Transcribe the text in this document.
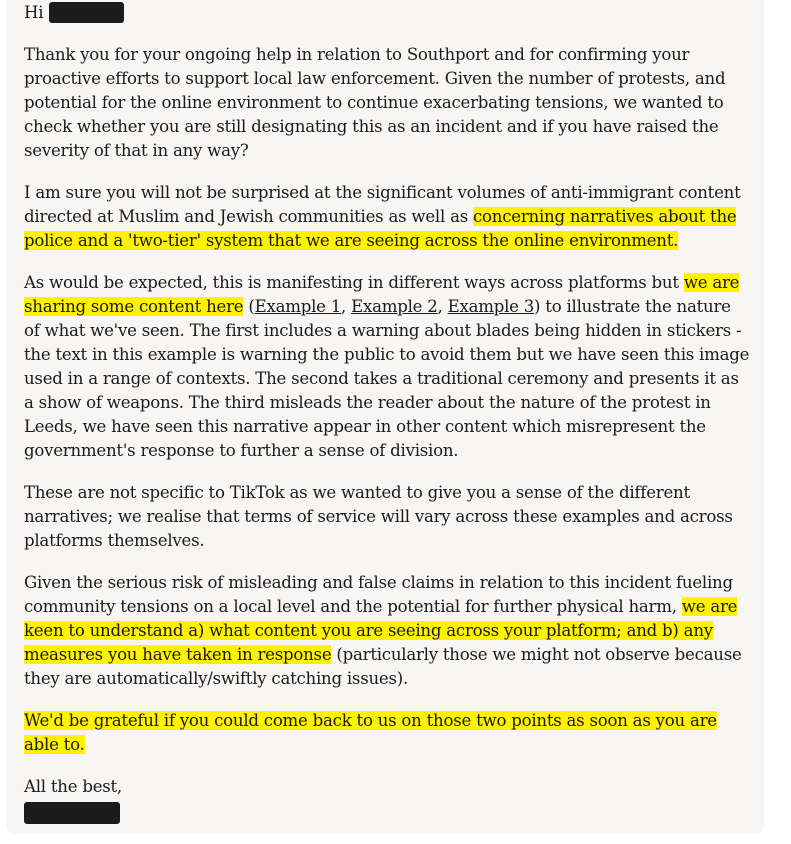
Hi

Thank you for your ongoing help in relation to Southport and for confirming your proactive efforts to support local law enforcement. Given the number of protests, and potential for the online environment to continue exacerbating tensions, we wanted to check whether you are still designating this as an incident and if you have raised the severity of that in any way?

I am sure you will not be surprised at the significant volumes of anti-immigrant content directed at Muslim and Jewish communities as well as concerning narratives about the police and a 'two-tier' system that we are seeing across the online environment.

As would be expected, this is manifesting in different ways across platforms but we are sharing some content here (Example 1, Example 2, Example 3) to illustrate the nature of what we've seen. The first includes a warning about blades being hidden in stickers - the text in this example is warning the public to avoid them but we have seen this image used in a range of contexts. The second takes a traditional ceremony and presents it as a show of weapons. The third misleads the reader about the nature of the protest in Leeds, we have seen this narrative appear in other content which misrepresent the government's response to further a sense of division.

These are not specific to TikTok as we wanted to give you a sense of the different narratives; we realise that terms of service will vary across these examples and across platforms themselves.

Given the serious risk of misleading and false claims in relation to this incident fueling community tensions on a local level and the potential for further physical harm, we are keen to understand a) what content you are seeing across your platform; and b) any measures you have taken in response (particularly those we might not observe because they are automatically/swiftly catching issues).

We'd be grateful if you could come back to us on those two points as soon as you are able to.

All the best,
